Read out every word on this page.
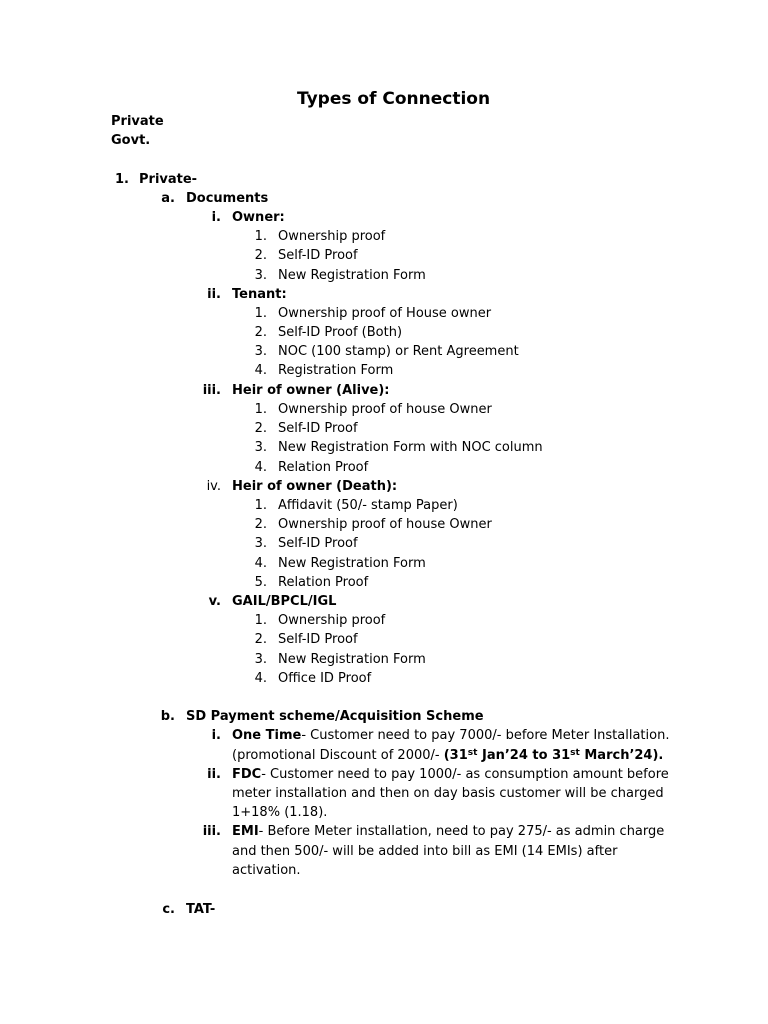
Types of Connection
Private
Govt.
1. Private-
a. Documents
i. Owner:
1. Ownership proof
2. Self-ID Proof
3. New Registration Form
ii. Tenant:
1. Ownership proof of House owner
2. Self-ID Proof (Both)
3. NOC (100 stamp) or Rent Agreement
4. Registration Form
iii. Heir of owner (Alive):
1. Ownership proof of house Owner
2. Self-ID Proof
3. New Registration Form with NOC column
4. Relation Proof
iv. Heir of owner (Death):
1. Affidavit (50/- stamp Paper)
2. Ownership proof of house Owner
3. Self-ID Proof
4. New Registration Form
5. Relation Proof
v. GAIL/BPCL/IGL
1. Ownership proof
2. Self-ID Proof
3. New Registration Form
4. Office ID Proof
b. SD Payment scheme/Acquisition Scheme
i. One Time- Customer need to pay 7000/- before Meter Installation.
(promotional Discount of 2000/- (31st Jan’24 to 31st March’24).
ii. FDC- Customer need to pay 1000/- as consumption amount before
meter installation and then on day basis customer will be charged
1+18% (1.18).
iii. EMI- Before Meter installation, need to pay 275/- as admin charge
and then 500/- will be added into bill as EMI (14 EMIs) after
activation.
c. TAT-
